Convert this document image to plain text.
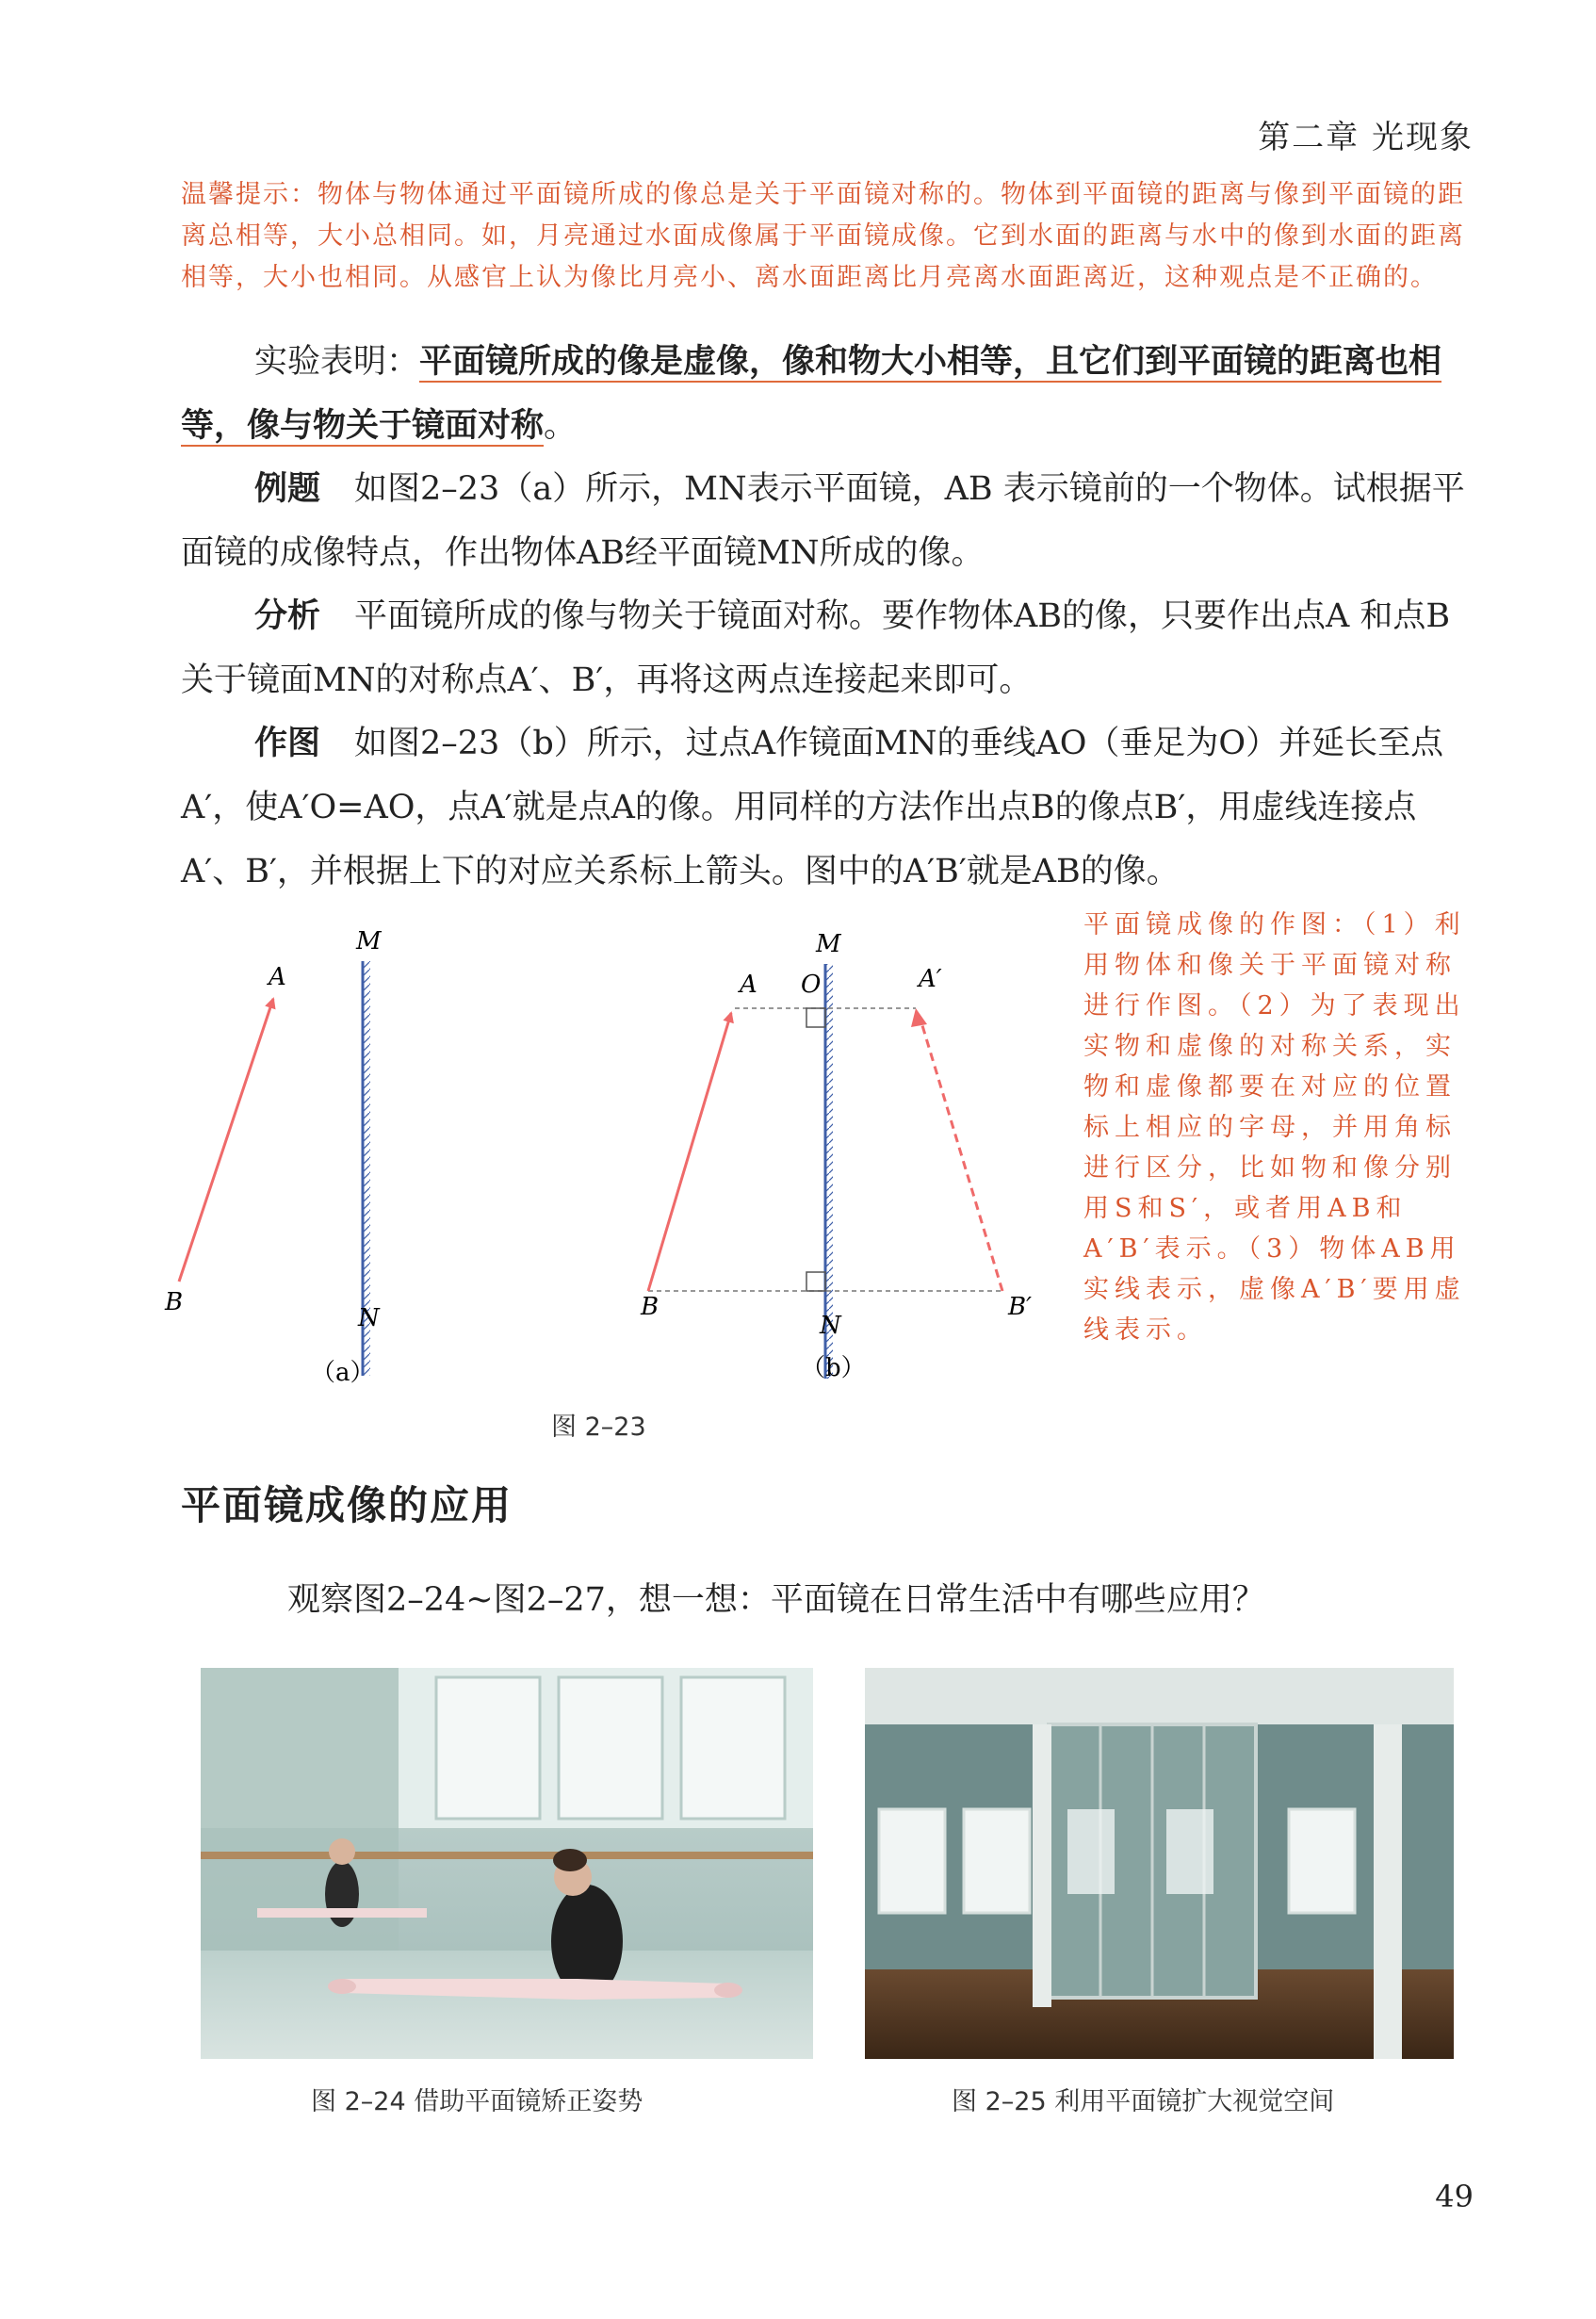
第二章 光现象
温馨提示：物体与物体通过平面镜所成的像总是关于平面镜对称的。物体到平面镜的距离与像到平面镜的距离总相等，大小总相同。如，月亮通过水面成像属于平面镜成像。它到水面的距离与水中的像到水面的距离相等，大小也相同。从感官上认为像比月亮小、离水面距离比月亮离水面距离近，这种观点是不正确的。
实验表明：平面镜所成的像是虚像，像和物大小相等，且它们到平面镜的距离也相等，像与物关于镜面对称。
例题 如图2–23（a）所示，MN表示平面镜，AB 表示镜前的一个物体。试根据平面镜的成像特点，作出物体AB经平面镜MN所成的像。
分析 平面镜所成的像与物关于镜面对称。要作物体AB的像，只要作出点A 和点B关于镜面MN的对称点A′、B′，再将这两点连接起来即可。
作图 如图2–23（b）所示，过点A作镜面MN的垂线AO（垂足为O）并延长至点A′，使A′O=AO，点A′就是点A的像。用同样的方法作出点B的像点B′，用虚线连接点A′、B′，并根据上下的对应关系标上箭头。图中的A′B′就是AB的像。
M
N
A
B
（a）
M
N
A O	A′
B	B′
（b）
图 2–23
平面镜成像的作图：（1）利用物体和像关于平面镜对称进行作图。（2）为了表现出实物和虚像的对称关系，实物和虚像都要在对应的位置标上相应的字母，并用角标进行区分，比如物和像分别用S和S′，或者用AB和A′B′表示。（3）物体AB用实线表示，虚像A′B′要用虚线表示。
平面镜成像的应用
观察图2–24~图2–27，想一想：平面镜在日常生活中有哪些应用？
图 2–24 借助平面镜矫正姿势	图 2–25 利用平面镜扩大视觉空间
49
